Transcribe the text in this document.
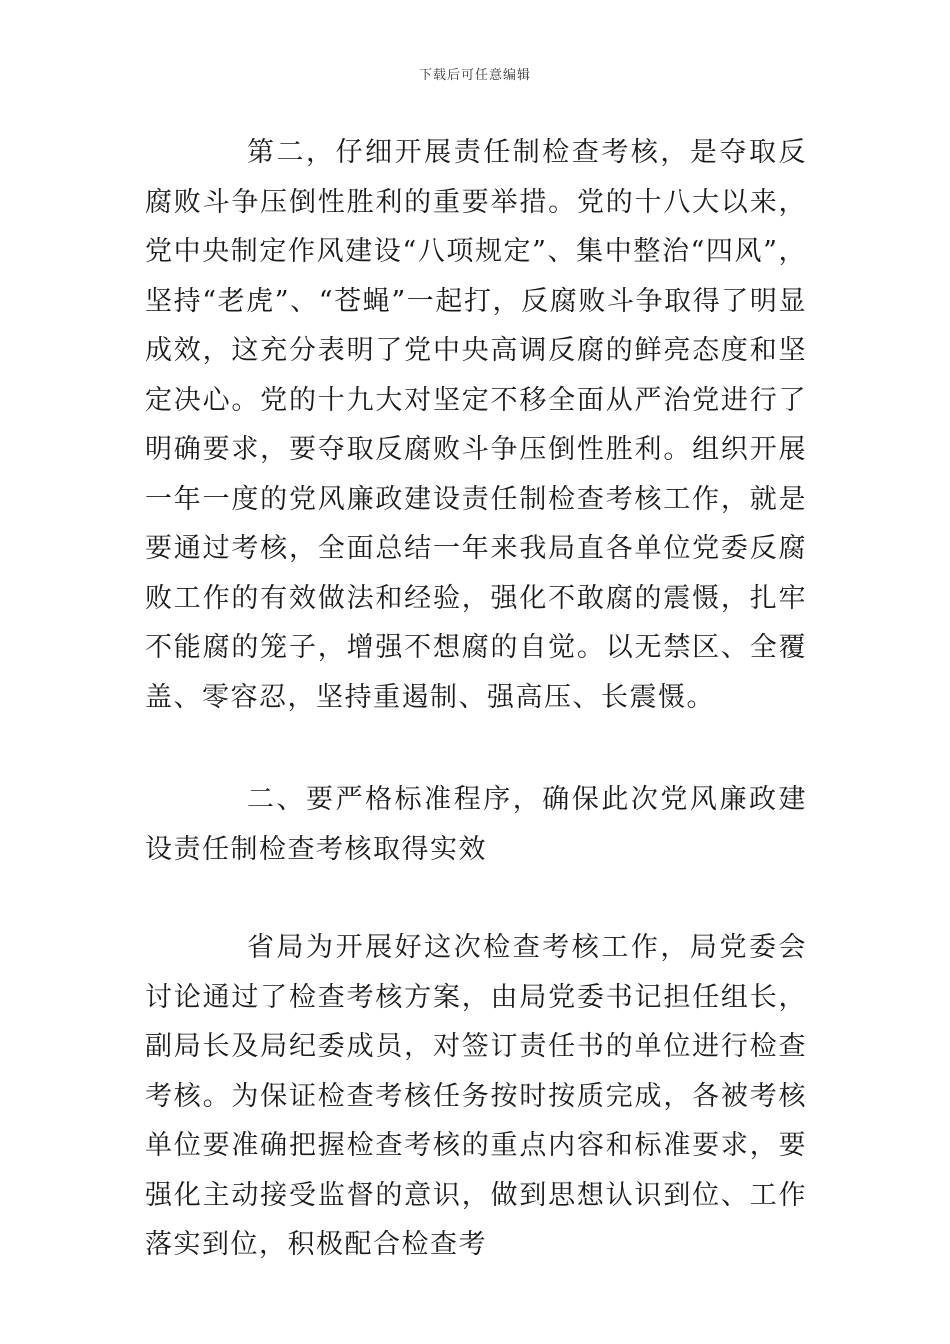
下载后可任意编辑

第二，仔细开展责任制检查考核，是夺取反腐败斗争压倒性胜利的重要举措。党的十八大以来，党中央制定作风建设“八项规定”、集中整治“四风”，坚持“老虎”、“苍蝇”一起打，反腐败斗争取得了明显成效，这充分表明了党中央高调反腐的鲜亮态度和坚定决心。党的十九大对坚定不移全面从严治党进行了明确要求，要夺取反腐败斗争压倒性胜利。组织开展一年一度的党风廉政建设责任制检查考核工作，就是要通过考核，全面总结一年来我局直各单位党委反腐败工作的有效做法和经验，强化不敢腐的震慑，扎牢不能腐的笼子，增强不想腐的自觉。以无禁区、全覆盖、零容忍，坚持重遏制、强高压、长震慑。

二、要严格标准程序，确保此次党风廉政建设责任制检查考核取得实效

省局为开展好这次检查考核工作，局党委会讨论通过了检查考核方案，由局党委书记担任组长，副局长及局纪委成员，对签订责任书的单位进行检查考核。为保证检查考核任务按时按质完成，各被考核单位要准确把握检查考核的重点内容和标准要求，要强化主动接受监督的意识，做到思想认识到位、工作落实到位，积极配合检查考
